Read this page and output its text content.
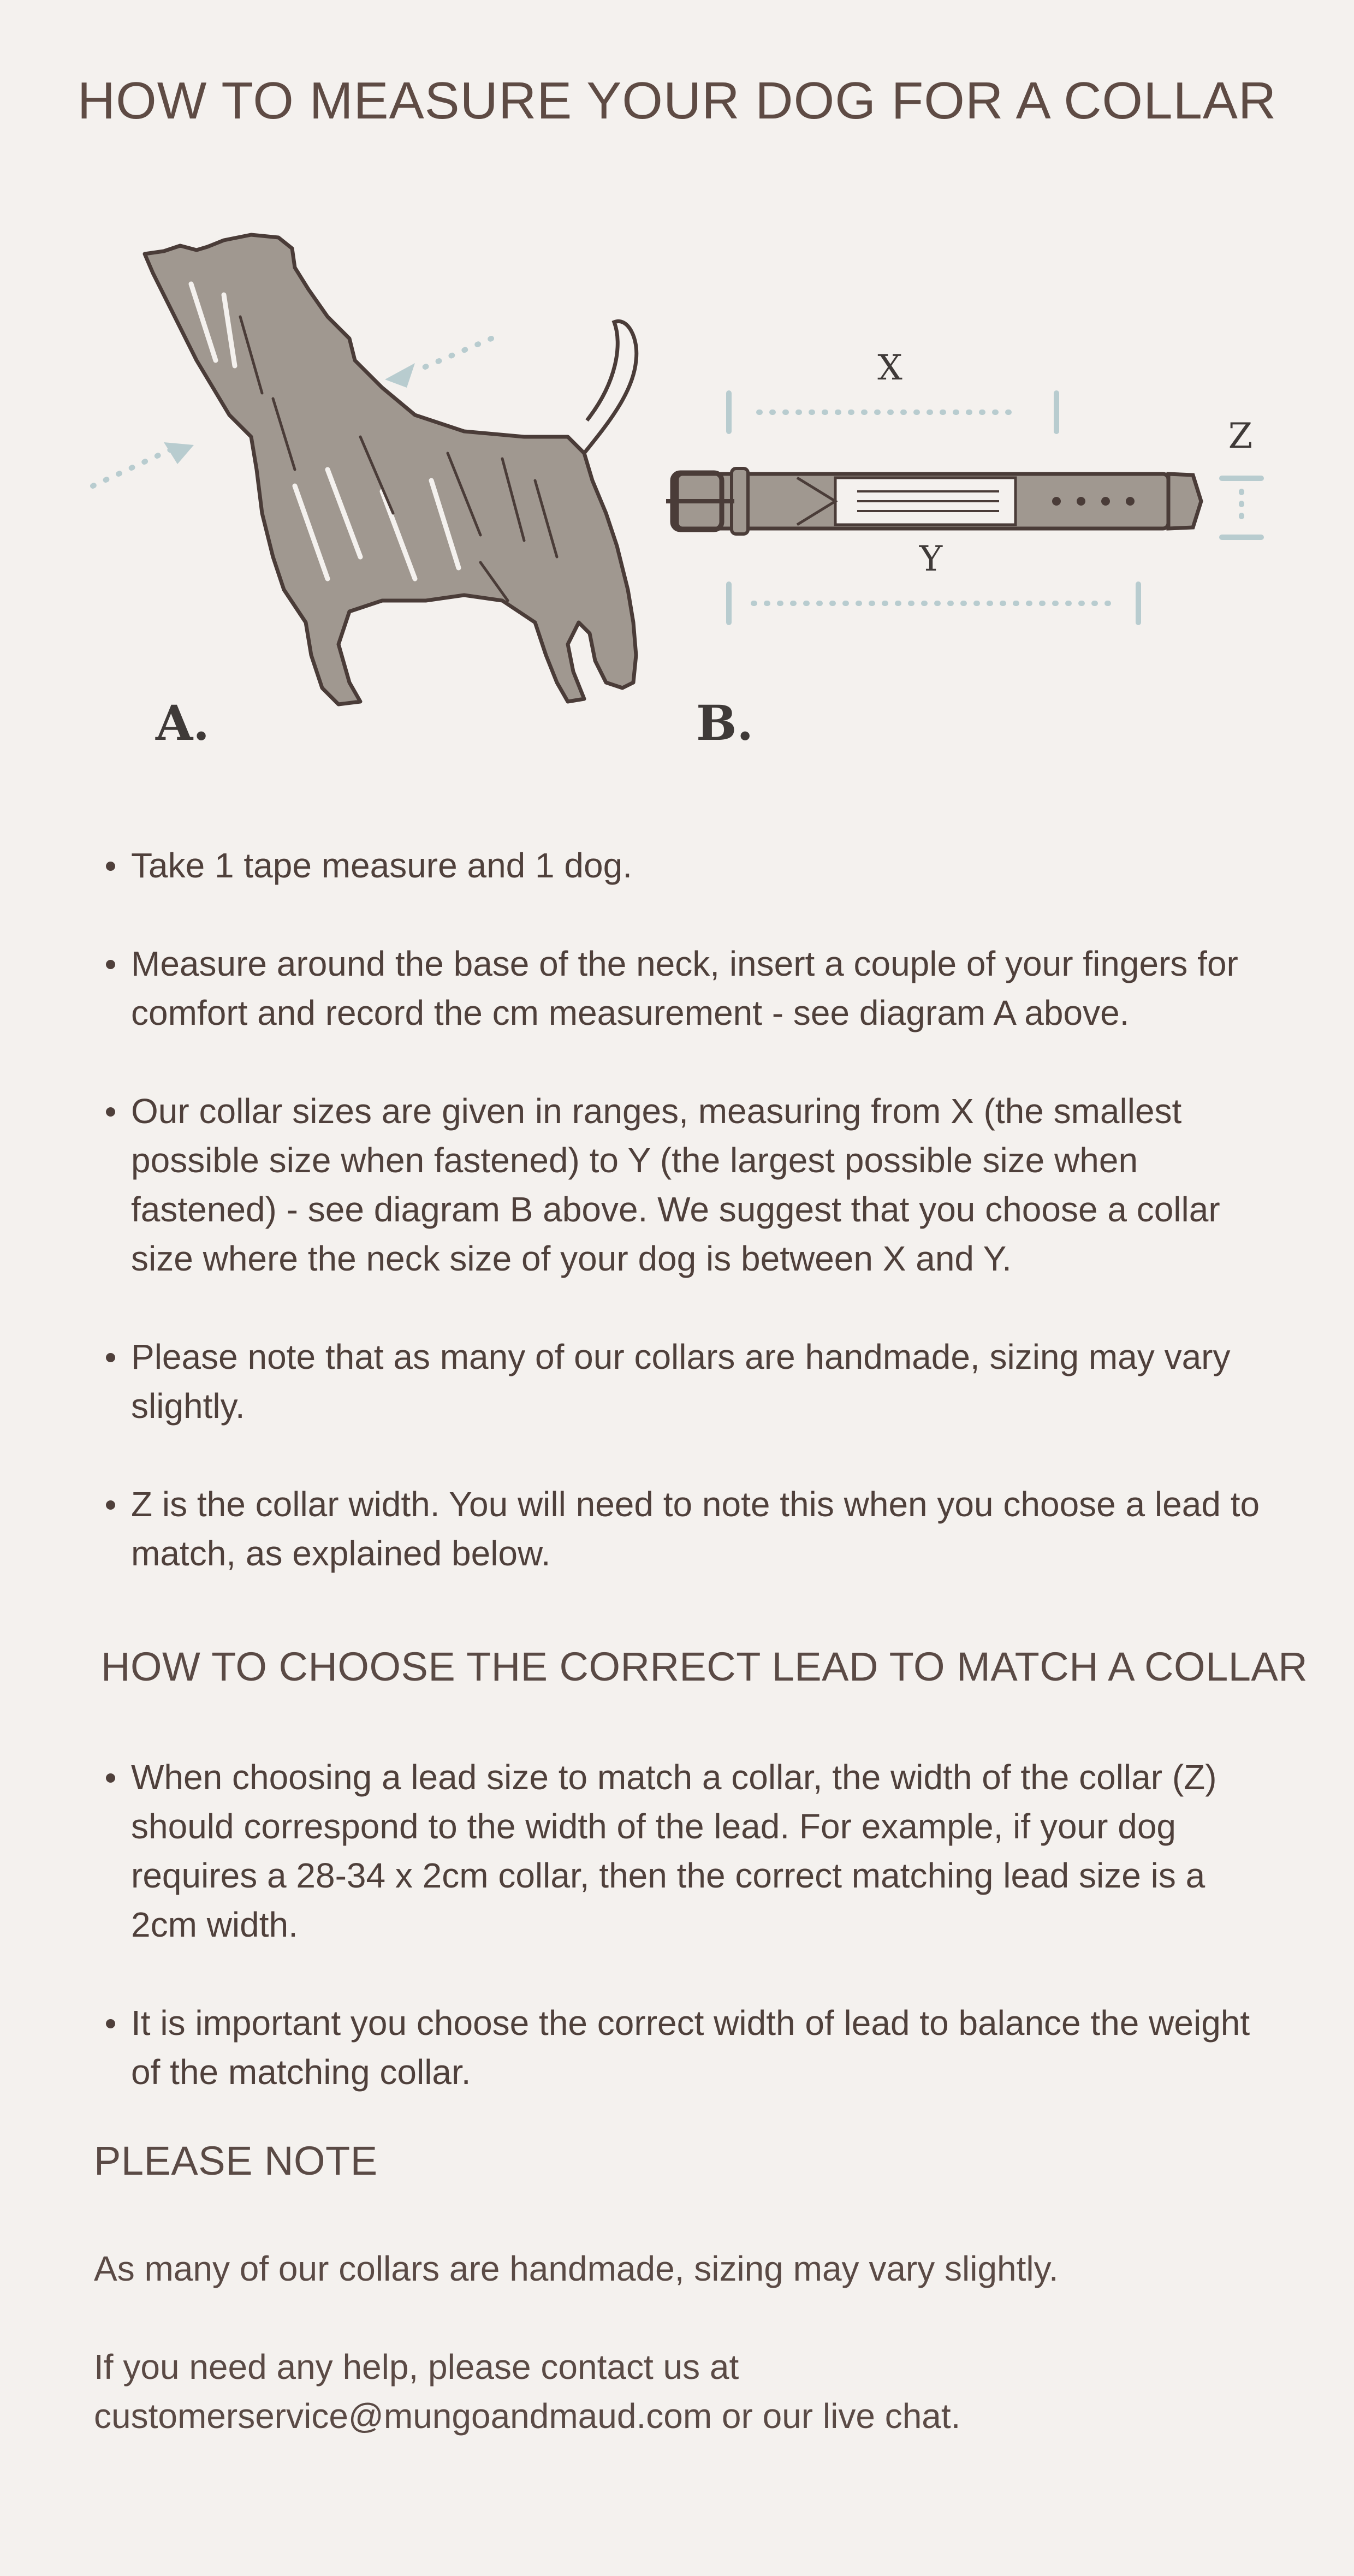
HOW TO MEASURE YOUR DOG FOR A COLLAR
A.
X
Y
Z
B.
Take 1 tape measure and 1 dog.
Measure around the base of the neck, insert a couple of your fingers for comfort and record the cm measurement - see diagram A above.
Our collar sizes are given in ranges, measuring from X (the smallest possible size when fastened) to Y (the largest possible size when fastened) - see diagram B above. We suggest that you choose a collar size where the neck size of your dog is between X and Y.
Please note that as many of our collars are handmade, sizing may vary slightly.
Z is the collar width. You will need to note this when you choose a lead to match, as explained below.
HOW TO CHOOSE THE CORRECT LEAD TO MATCH A COLLAR
When choosing a lead size to match a collar, the width of the collar (Z) should correspond to the width of the lead. For example, if your dog requires a 28-34 x 2cm collar, then the correct matching lead size is a 2cm width.
It is important you choose the correct width of lead to balance the weight of the matching collar.
PLEASE NOTE

As many of our collars are handmade, sizing may vary slightly.

If you need any help, please contact us at customerservice@mungoandmaud.com or our live chat.
